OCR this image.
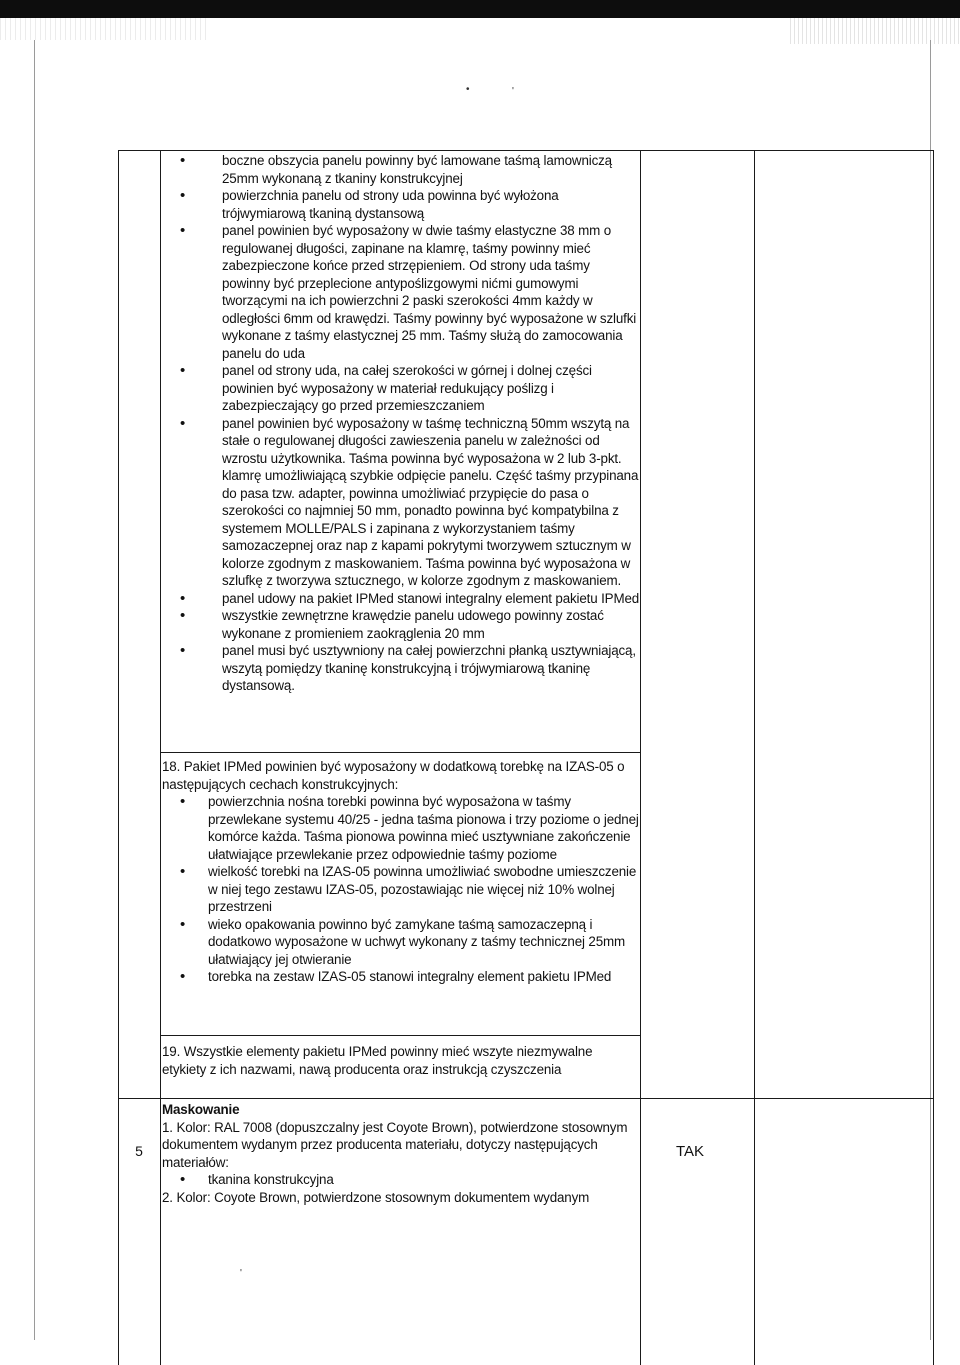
•	'
'
• boczne obszycia panelu powinny być lamowane taśmą lamowniczą 25mm wykonaną z tkaniny konstrukcyjnej
• powierzchnia panelu od strony uda powinna być wyłożona trójwymiarową tkaniną dystansową
• panel powinien być wyposażony w dwie taśmy elastyczne 38 mm o regulowanej długości, zapinane na klamrę, taśmy powinny mieć zabezpieczone końce przed strzępieniem. Od strony uda taśmy powinny być przeplecione antypoślizgowymi nićmi gumowymi tworzącymi na ich powierzchni 2 paski szerokości 4mm każdy w odległości 6mm od krawędzi. Taśmy powinny być wyposażone w szlufki wykonane z taśmy elastycznej 25 mm. Taśmy służą do zamocowania panelu do uda
• panel od strony uda, na całej szerokości w górnej i dolnej części powinien być wyposażony w materiał redukujący poślizg i zabezpieczający go przed przemieszczaniem
• panel powinien być wyposażony w taśmę techniczną 50mm wszytą na stałe o regulowanej długości zawieszenia panelu w zależności od wzrostu użytkownika. Taśma powinna być wyposażona w 2 lub 3-pkt. klamrę umożliwiającą szybkie odpięcie panelu. Część taśmy przypinana do pasa tzw. adapter, powinna umożliwiać przypięcie do pasa o szerokości co najmniej 50 mm, ponadto powinna być kompatybilna z systemem MOLLE/PALS i zapinana z wykorzystaniem taśmy samozaczepnej oraz nap z kapami pokrytymi tworzywem sztucznym w kolorze zgodnym z maskowaniem. Taśma powinna być wyposażona w szlufkę z tworzywa sztucznego, w kolorze zgodnym z maskowaniem.
• panel udowy na pakiet IPMed stanowi integralny element pakietu IPMed
• wszystkie zewnętrzne krawędzie panelu udowego powinny zostać wykonane z promieniem zaokrąglenia 20 mm
• panel musi być usztywniony na całej powierzchni płanką usztywniającą, wszytą pomiędzy tkaninę konstrukcyjną i trójwymiarową tkaninę dystansową.

18. Pakiet IPMed powinien być wyposażony w dodatkową torebkę na IZAS-05 o następujących cechach konstrukcyjnych:

• powierzchnia nośna torebki powinna być wyposażona w taśmy przewlekane systemu 40/25 - jedna taśma pionowa i trzy poziome o jednej komórce każda. Taśma pionowa powinna mieć usztywniane zakończenie ułatwiające przewlekanie przez odpowiednie taśmy poziome
• wielkość torebki na IZAS-05 powinna umożliwiać swobodne umieszczenie w niej tego zestawu IZAS-05, pozostawiając nie więcej niż 10% wolnej przestrzeni
• wieko opakowania powinno być zamykane taśmą samozaczepną i dodatkowo wyposażone w uchwyt wykonany z taśmy technicznej 25mm ułatwiający jej otwieranie
• torebka na zestaw IZAS-05 stanowi integralny element pakietu IPMed

19. Wszystkie elementy pakietu IPMed powinny mieć wszyte niezmywalne etykiety z ich nazwami, nawą producenta oraz instrukcją czyszczenia

5

Maskowanie

1. Kolor: RAL 7008 (dopuszczalny jest Coyote Brown), potwierdzone stosownym dokumentem wydanym przez producenta materiału, dotyczy następujących materiałów:

• tkanina konstrukcyjna

2. Kolor: Coyote Brown, potwierdzone stosownym dokumentem wydanym

TAK
